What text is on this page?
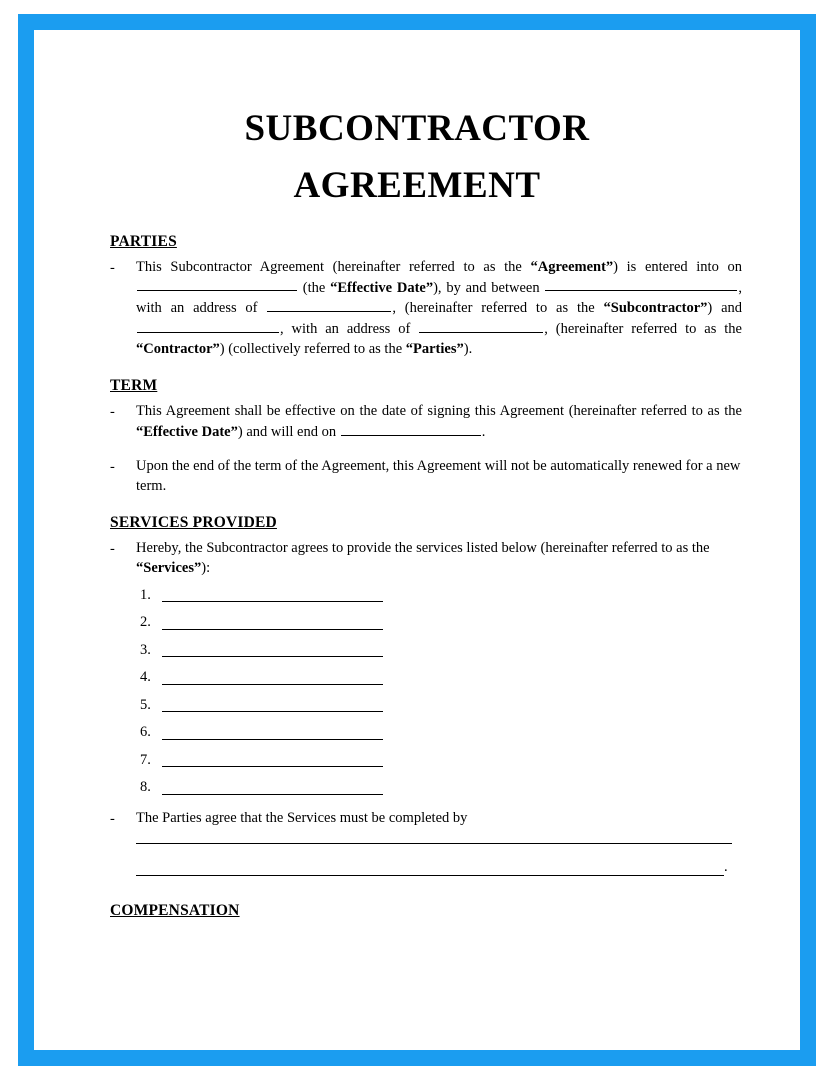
SUBCONTRACTOR
AGREEMENT
PARTIES
-	This Subcontractor Agreement (hereinafter referred to as the “Agreement”) is entered into on  (the “Effective Date”), by and between	, with an address of	, (hereinafter referred to as the “Subcontractor”) and , with an address of	, (hereinafter referred to as the “Contractor”) (collectively referred to as the “Parties”).
TERM
-	This Agreement shall be effective on the date of signing this Agreement (hereinafter referred to as the “Effective Date”) and will end on	.
-	Upon the end of the term of the Agreement, this Agreement will not be automatically renewed for a new term.
SERVICES PROVIDED
-	Hereby, the Subcontractor agrees to provide the services listed below (hereinafter referred to as the “Services”):
1.
2.
3.
4.
5.
6.
7.
8.
-	The Parties agree that the Services must be completed by
.
COMPENSATION
